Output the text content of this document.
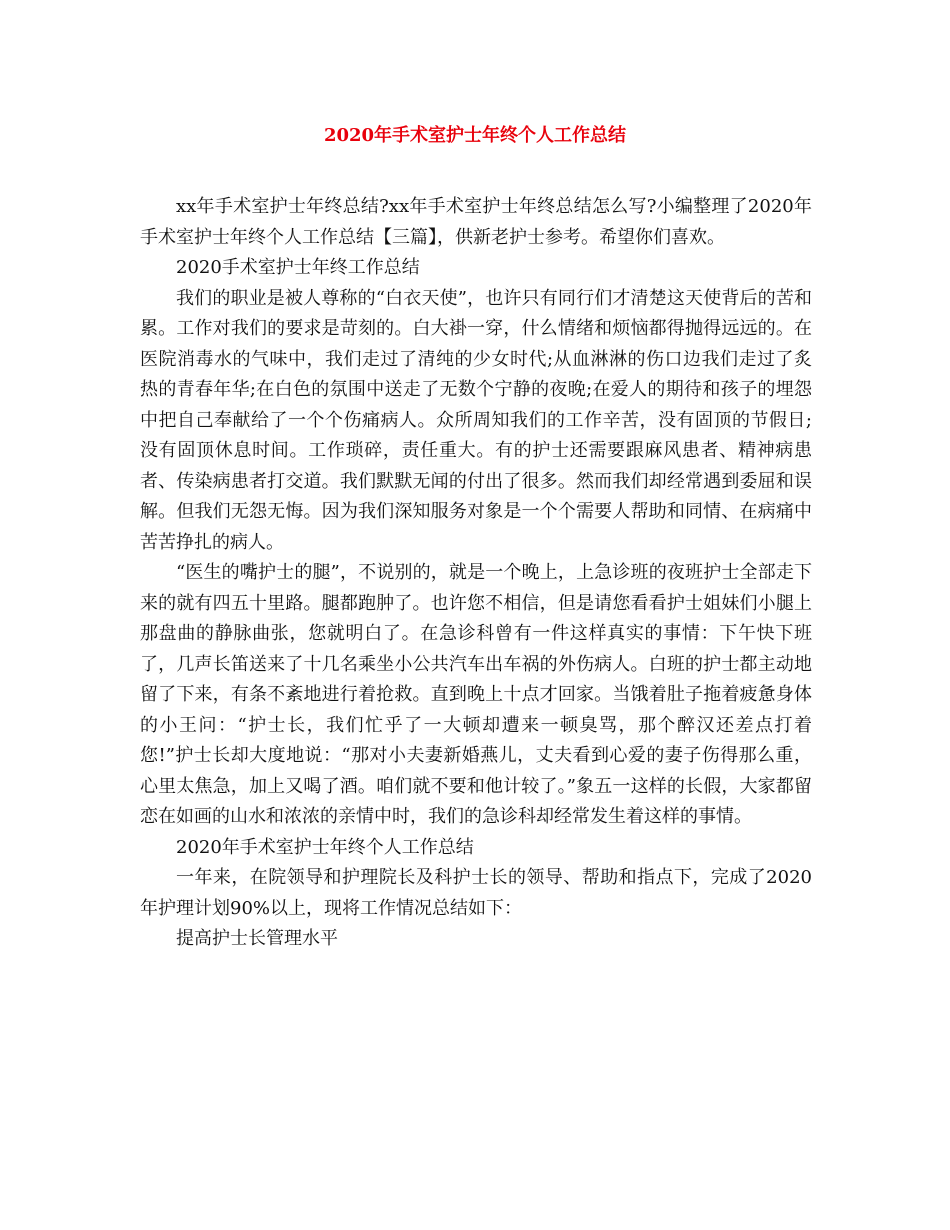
2020年手术室护士年终个人工作总结

xx年手术室护士年终总结?xx年手术室护士年终总结怎么写?小编整理了2020年手术室护士年终个人工作总结【三篇】，供新老护士参考。希望你们喜欢。

2020手术室护士年终工作总结

我们的职业是被人尊称的“白衣天使”，也许只有同行们才清楚这天使背后的苦和累。工作对我们的要求是苛刻的。白大褂一穿，什么情绪和烦恼都得抛得远远的。在医院消毒水的气味中，我们走过了清纯的少女时代;从血淋淋的伤口边我们走过了炙热的青春年华;在白色的氛围中送走了无数个宁静的夜晚;在爱人的期待和孩子的埋怨中把自己奉献给了一个个伤痛病人。众所周知我们的工作辛苦，没有固顶的节假日;没有固顶休息时间。工作琐碎，责任重大。有的护士还需要跟麻风患者、精神病患者、传染病患者打交道。我们默默无闻的付出了很多。然而我们却经常遇到委屈和误解。但我们无怨无悔。因为我们深知服务对象是一个个需要人帮助和同情、在病痛中苦苦挣扎的病人。

“医生的嘴护士的腿”，不说别的，就是一个晚上，上急诊班的夜班护士全部走下来的就有四五十里路。腿都跑肿了。也许您不相信，但是请您看看护士姐妹们小腿上那盘曲的静脉曲张，您就明白了。在急诊科曾有一件这样真实的事情：下午快下班了，几声长笛送来了十几名乘坐小公共汽车出车祸的外伤病人。白班的护士都主动地留了下来，有条不紊地进行着抢救。直到晚上十点才回家。当饿着肚子拖着疲惫身体的小王问：“护士长，我们忙乎了一大顿却遭来一顿臭骂，那个醉汉还差点打着您!”护士长却大度地说：“那对小夫妻新婚燕儿，丈夫看到心爱的妻子伤得那么重，心里太焦急，加上又喝了酒。咱们就不要和他计较了。”象五一这样的长假，大家都留恋在如画的山水和浓浓的亲情中时，我们的急诊科却经常发生着这样的事情。

2020年手术室护士年终个人工作总结

一年来，在院领导和护理院长及科护士长的领导、帮助和指点下，完成了2020年护理计划90%以上，现将工作情况总结如下：

提高护士长管理水平
